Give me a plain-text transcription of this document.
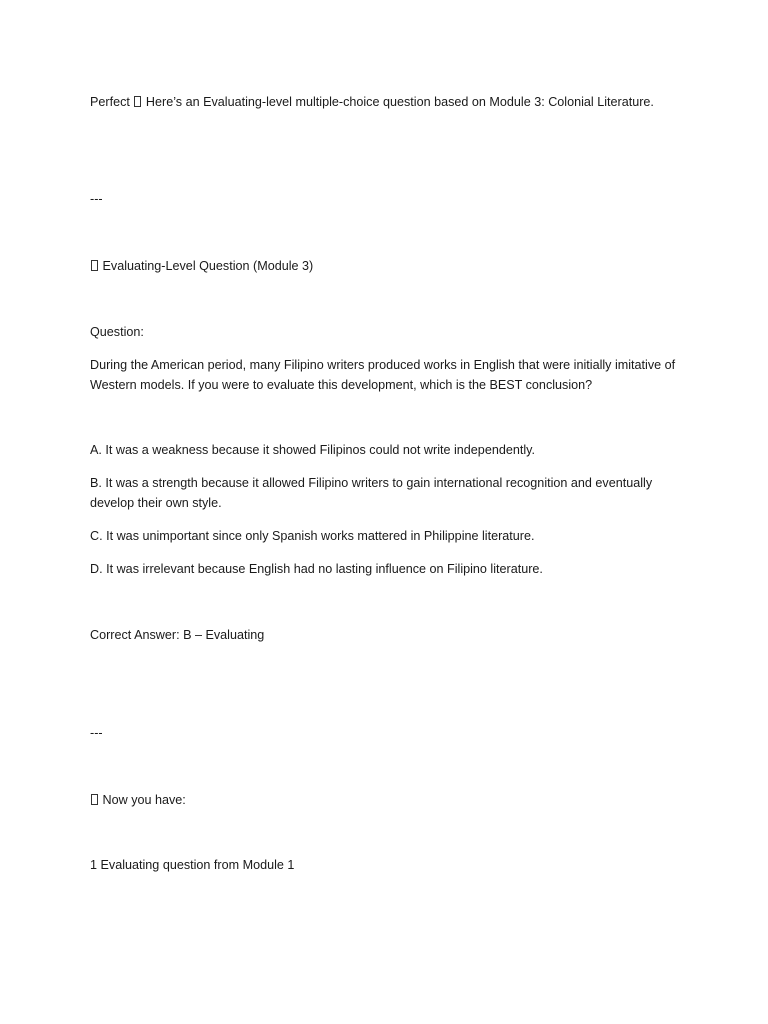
Perfect Here’s an Evaluating-level multiple-choice question based on Module 3: Colonial Literature.
---
Evaluating-Level Question (Module 3)
Question:
During the American period, many Filipino writers produced works in English that were initially imitative of Western models. If you were to evaluate this development, which is the BEST conclusion?
A. It was a weakness because it showed Filipinos could not write independently.
B. It was a strength because it allowed Filipino writers to gain international recognition and eventually develop their own style.
C. It was unimportant since only Spanish works mattered in Philippine literature.
D. It was irrelevant because English had no lasting influence on Filipino literature.
Correct Answer: B – Evaluating
---
Now you have:
1 Evaluating question from Module 1
